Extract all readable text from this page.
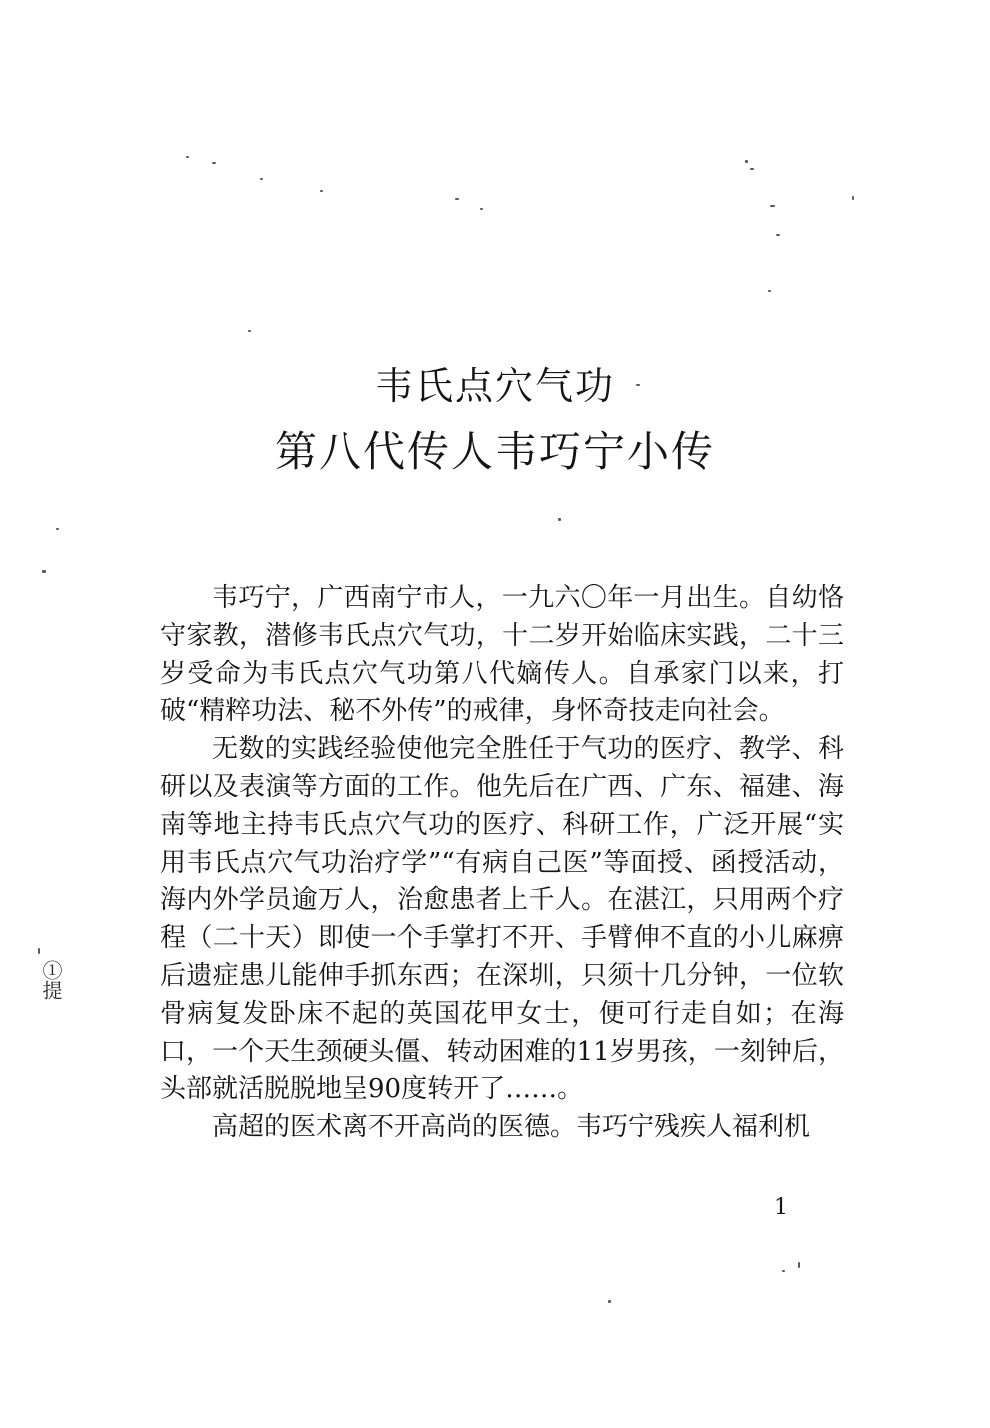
韦氏点穴气功
第八代传人韦巧宁小传

韦巧宁，广西南宁市人，一九六〇年一月出生。自幼恪守家教，潜修韦氏点穴气功，十二岁开始临床实践，二十三岁受命为韦氏点穴气功第八代嫡传人。自承家门以来，打破“精粹功法、秘不外传”的戒律，身怀奇技走向社会。

无数的实践经验使他完全胜任于气功的医疗、教学、科研以及表演等方面的工作。他先后在广西、广东、福建、海南等地主持韦氏点穴气功的医疗、科研工作，广泛开展“实用韦氏点穴气功治疗学”“有病自己医”等面授、函授活动，海内外学员逾万人，治愈患者上千人。在湛江，只用两个疗程（二十天）即使一个手掌打不开、手臂伸不直的小儿麻痹后遗症患儿能伸手抓东西；在深圳，只须十几分钟，一位软骨病复发卧床不起的英国花甲女士，便可行走自如；在海口，一个天生颈硬头僵、转动困难的11岁男孩，一刻钟后，头部就活脱脱地呈90度转开了……。

高超的医术离不开高尚的医德。韦巧宁残疾人福利机

1
①提
